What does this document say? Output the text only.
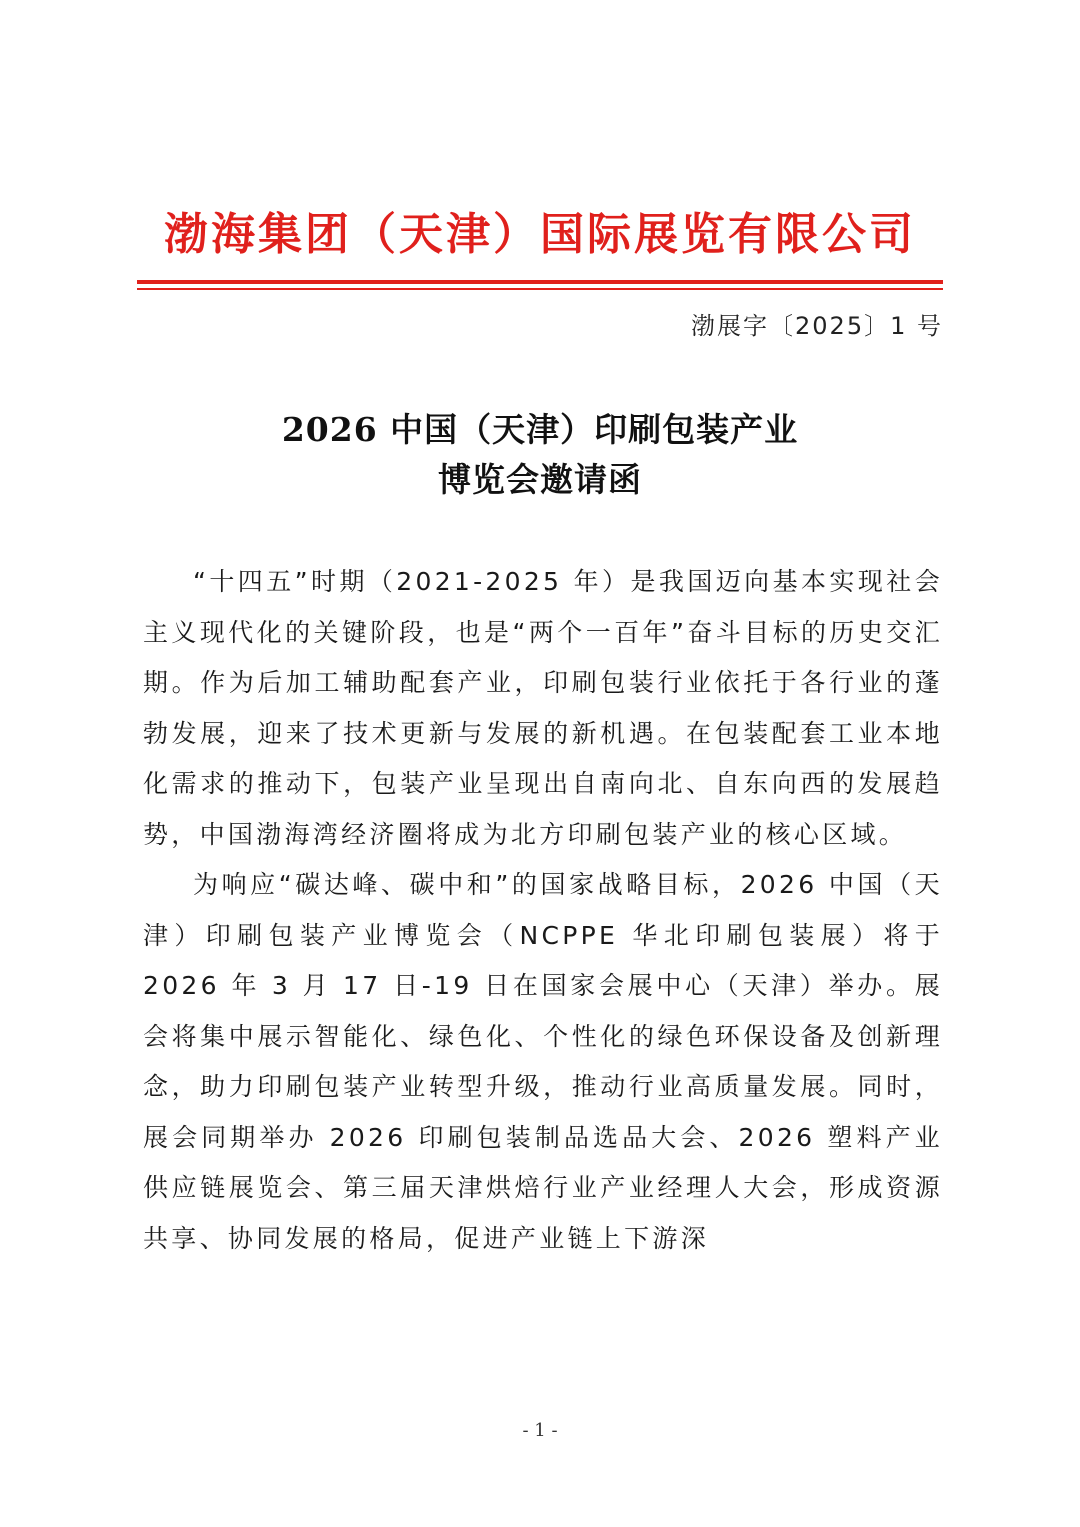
渤海集团（天津）国际展览有限公司
渤展字〔2025〕1 号
2026 中国（天津）印刷包装产业
博览会邀请函

“十四五”时期（2021-2025 年）是我国迈向基本实现社会主义现代化的关键阶段，也是“两个一百年”奋斗目标的历史交汇期。作为后加工辅助配套产业，印刷包装行业依托于各行业的蓬勃发展，迎来了技术更新与发展的新机遇。在包装配套工业本地化需求的推动下，包装产业呈现出自南向北、自东向西的发展趋势，中国渤海湾经济圈将成为北方印刷包装产业的核心区域。

为响应“碳达峰、碳中和”的国家战略目标，2026 中国（天津）印刷包装产业博览会（NCPPE 华北印刷包装展）将于 2026 年 3 月 17 日-19 日在国家会展中心（天津）举办。展会将集中展示智能化、绿色化、个性化的绿色环保设备及创新理念，助力印刷包装产业转型升级，推动行业高质量发展。同时，展会同期举办 2026 印刷包装制品选品大会、2026 塑料产业供应链展览会、第三届天津烘焙行业产业经理人大会，形成资源共享、协同发展的格局，促进产业链上下游深

- 1 -
